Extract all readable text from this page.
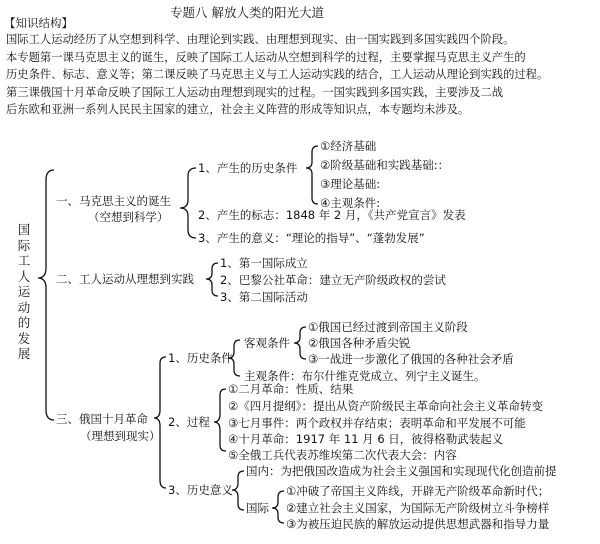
专题八 解放人类的阳光大道
【知识结构】
国际工人运动经历了从空想到科学、由理论到实践、由理想到现实、由一国实践到多国实践四个阶段。
本专题第一课马克思主义的诞生，反映了国际工人运动从空想到科学的过程，主要掌握马克思主义产生的
历史条件、标志、意义等；第二课反映了马克思主义与工人运动实践的结合，工人运动从理论到实践的过程。
第三课俄国十月革命反映了国际工人运动由理想到现实的过程。一国实践到多国实践，主要涉及二战
后东欧和亚洲一系列人民民主国家的建立，社会主义阵营的形成等知识点，本专题均未涉及。
国
际
工
人
运
动
的
发
展
一、马克思主义的诞生
（空想到科学）
1、产生的历史条件
①经济基础
②阶级基础和实践基础:：
③理论基础:
④主观条件:
2、产生的标志：1848 年 2 月，《共产党宣言》发表
3、产生的意义：“理论的指导”、“蓬勃发展”
二、工人运动从理想到实践
1、第一国际成立
2、巴黎公社革命：建立无产阶级政权的尝试
3、第二国际活动
三、俄国十月革命
（理想到现实）
1、历史条件
客观条件
①俄国已经过渡到帝国主义阶段
②俄国各种矛盾尖锐
③一战进一步激化了俄国的各种社会矛盾
主观条件：布尔什维克党成立、列宁主义诞生。
2、过程
①二月革命：性质、结果
②《四月提纲》：提出从资产阶级民主革命向社会主义革命转变
③七月事件：两个政权并存结束；表明革命和平发展不可能
④十月革命：1917 年 11 月 6 日，彼得格勒武装起义
⑤全俄工兵代表苏维埃第二次代表大会：内容
3、历史意义
国内：为把俄国改造成为社会主义强国和实现现代化创造前提
国际
①冲破了帝国主义阵线，开辟无产阶级革命新时代；
②建立社会主义国家，为国际无产阶级树立斗争榜样
③为被压迫民族的解放运动提供思想武器和指导力量
